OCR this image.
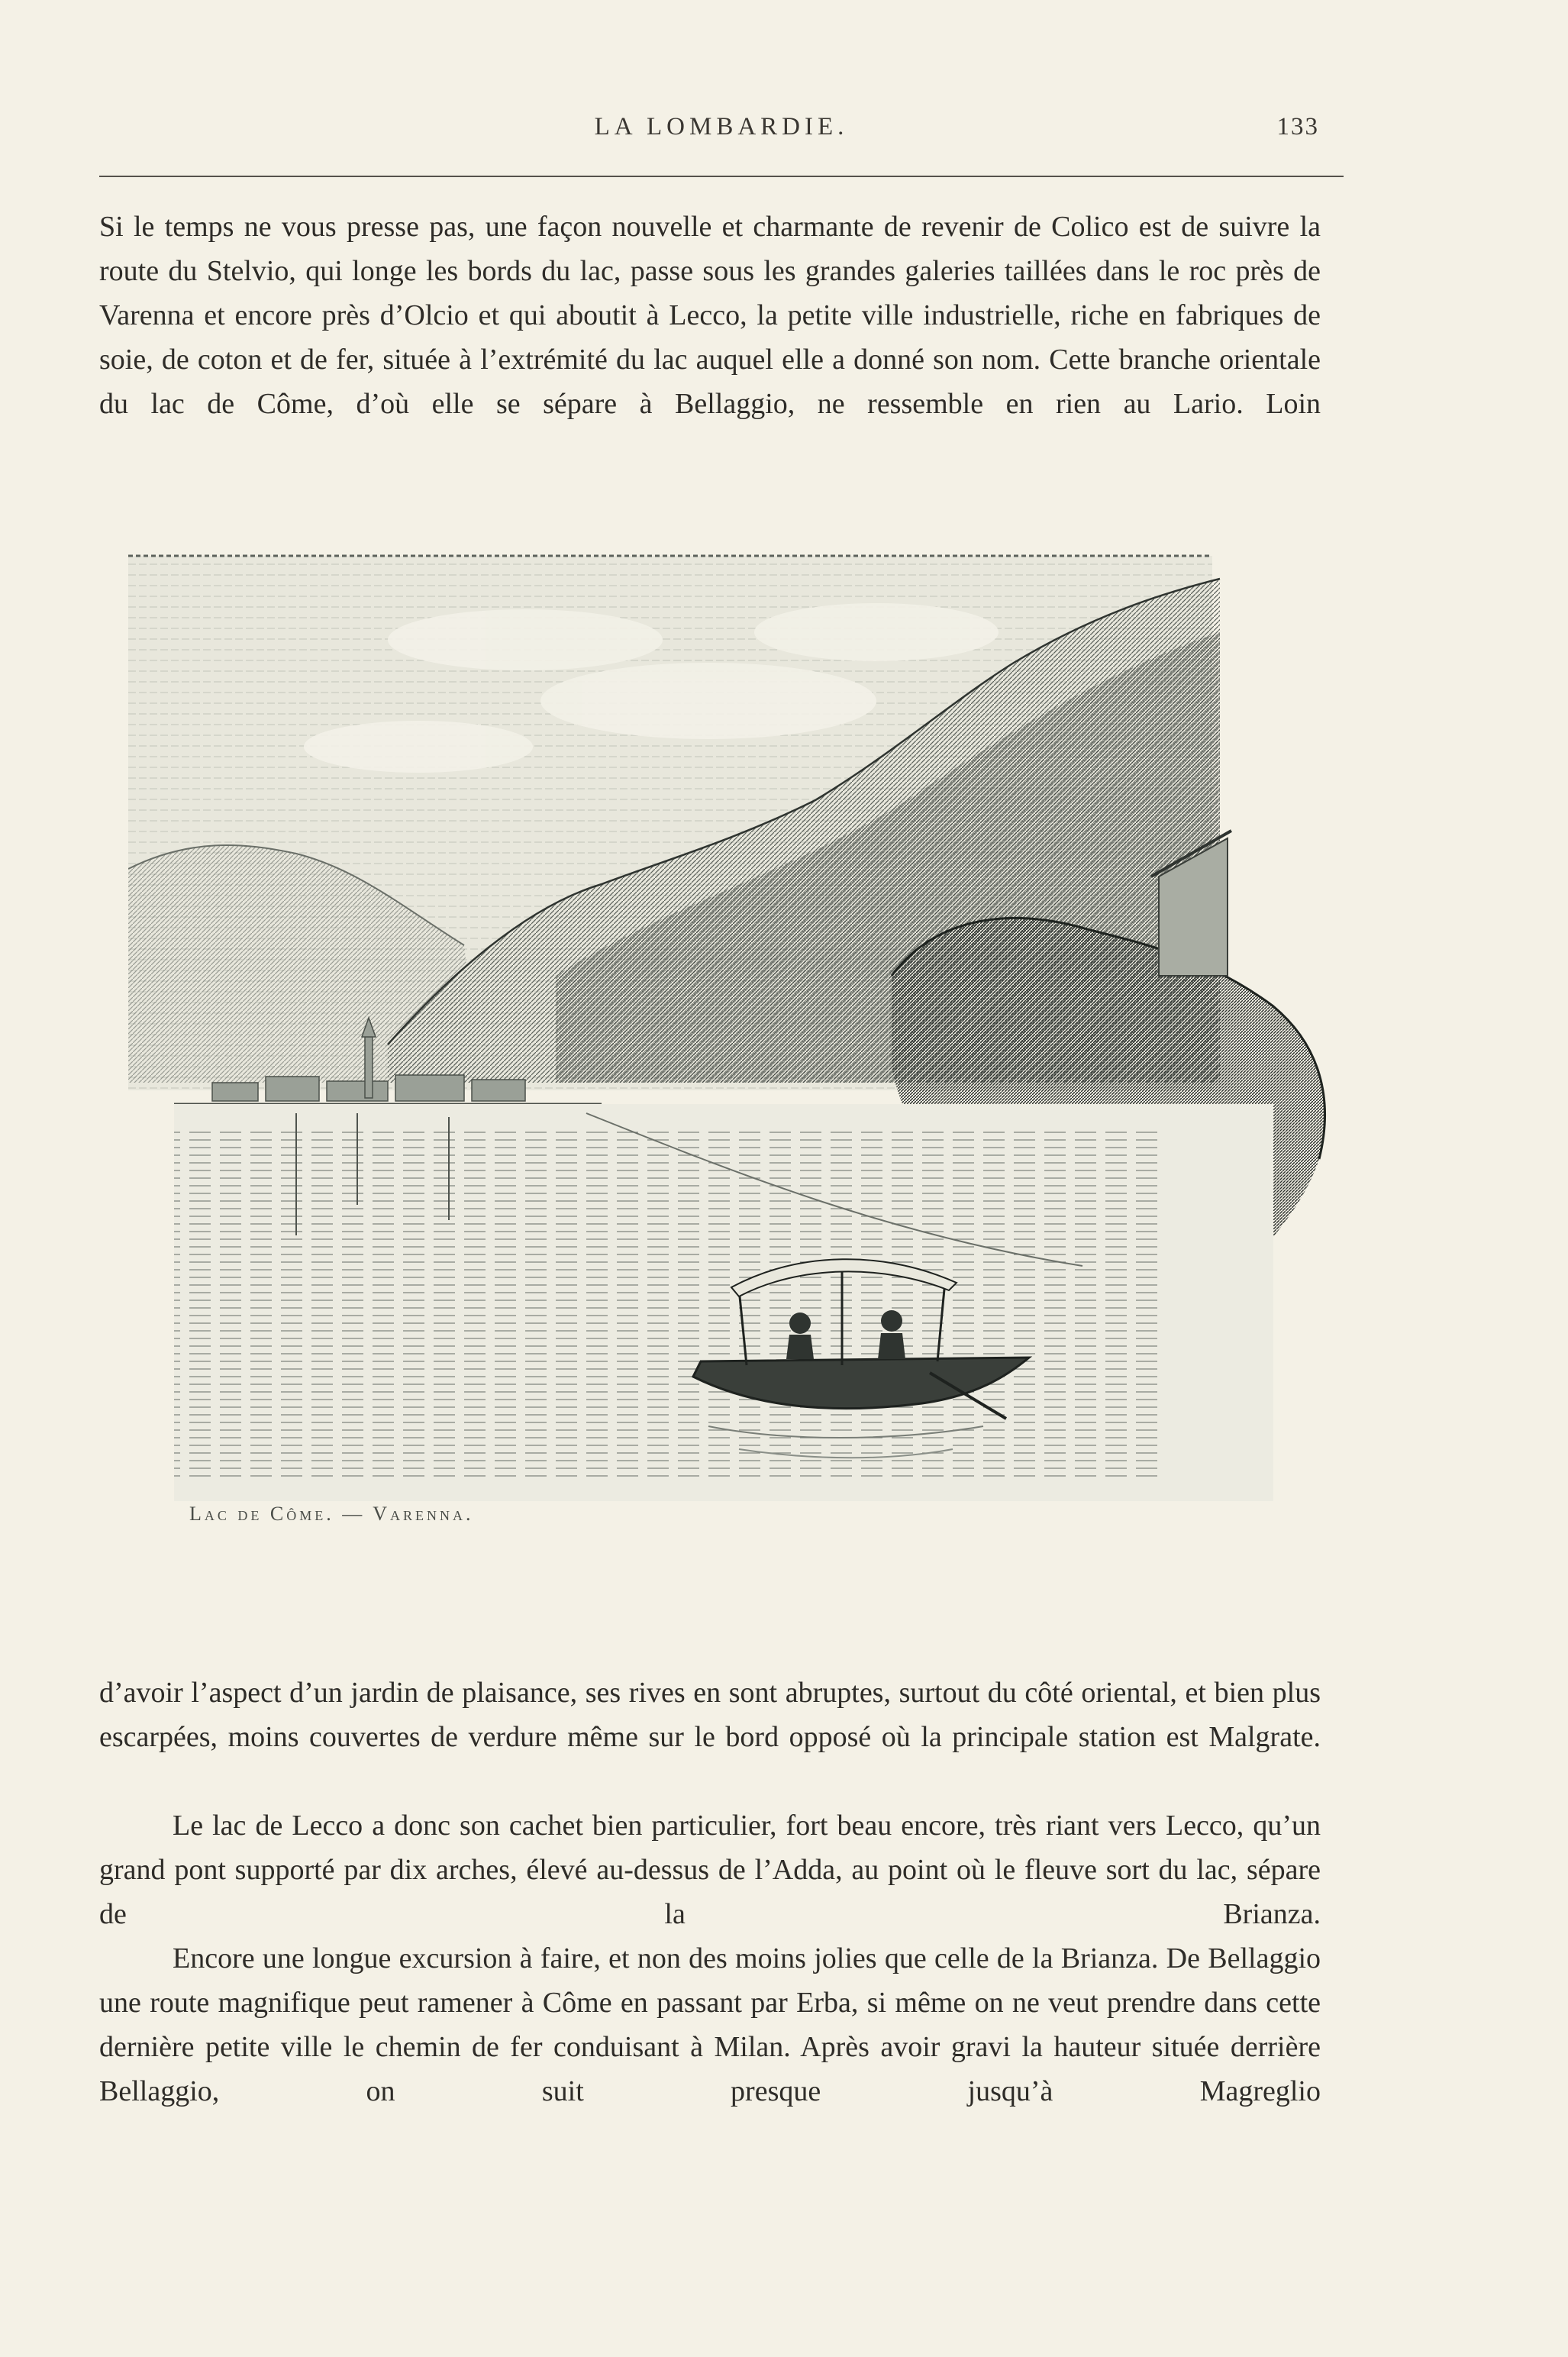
LA LOMBARDIE.	133

Si le temps ne vous presse pas, une façon nouvelle et charmante de revenir de Colico est de suivre la route du Stelvio, qui longe les bords du lac, passe sous les grandes galeries taillées dans le roc près de Varenna et encore près d’Olcio et qui aboutit à Lecco, la petite ville industrielle, riche en fabriques de soie, de coton et de fer, située à l’extrémité du lac auquel elle a donné son nom. Cette branche orientale du lac de Côme, d’où elle se sépare à Bellaggio, ne ressemble en rien au Lario. Loin

Lac de Côme. — Varenna.

d’avoir l’aspect d’un jardin de plaisance, ses rives en sont abruptes, surtout du côté oriental, et bien plus escarpées, moins couvertes de verdure même sur le bord opposé où la principale station est Malgrate.

Le lac de Lecco a donc son cachet bien particulier, fort beau encore, très riant vers Lecco, qu’un grand pont supporté par dix arches, élevé au-dessus de l’Adda, au point où le fleuve sort du lac, sépare de la Brianza.

Encore une longue excursion à faire, et non des moins jolies que celle de la Brianza. De Bellaggio une route magnifique peut ramener à Côme en passant par Erba, si même on ne veut prendre dans cette dernière petite ville le chemin de fer conduisant à Milan. Après avoir gravi la hauteur située derrière Bellaggio, on suit presque jusqu’à Magreglio
